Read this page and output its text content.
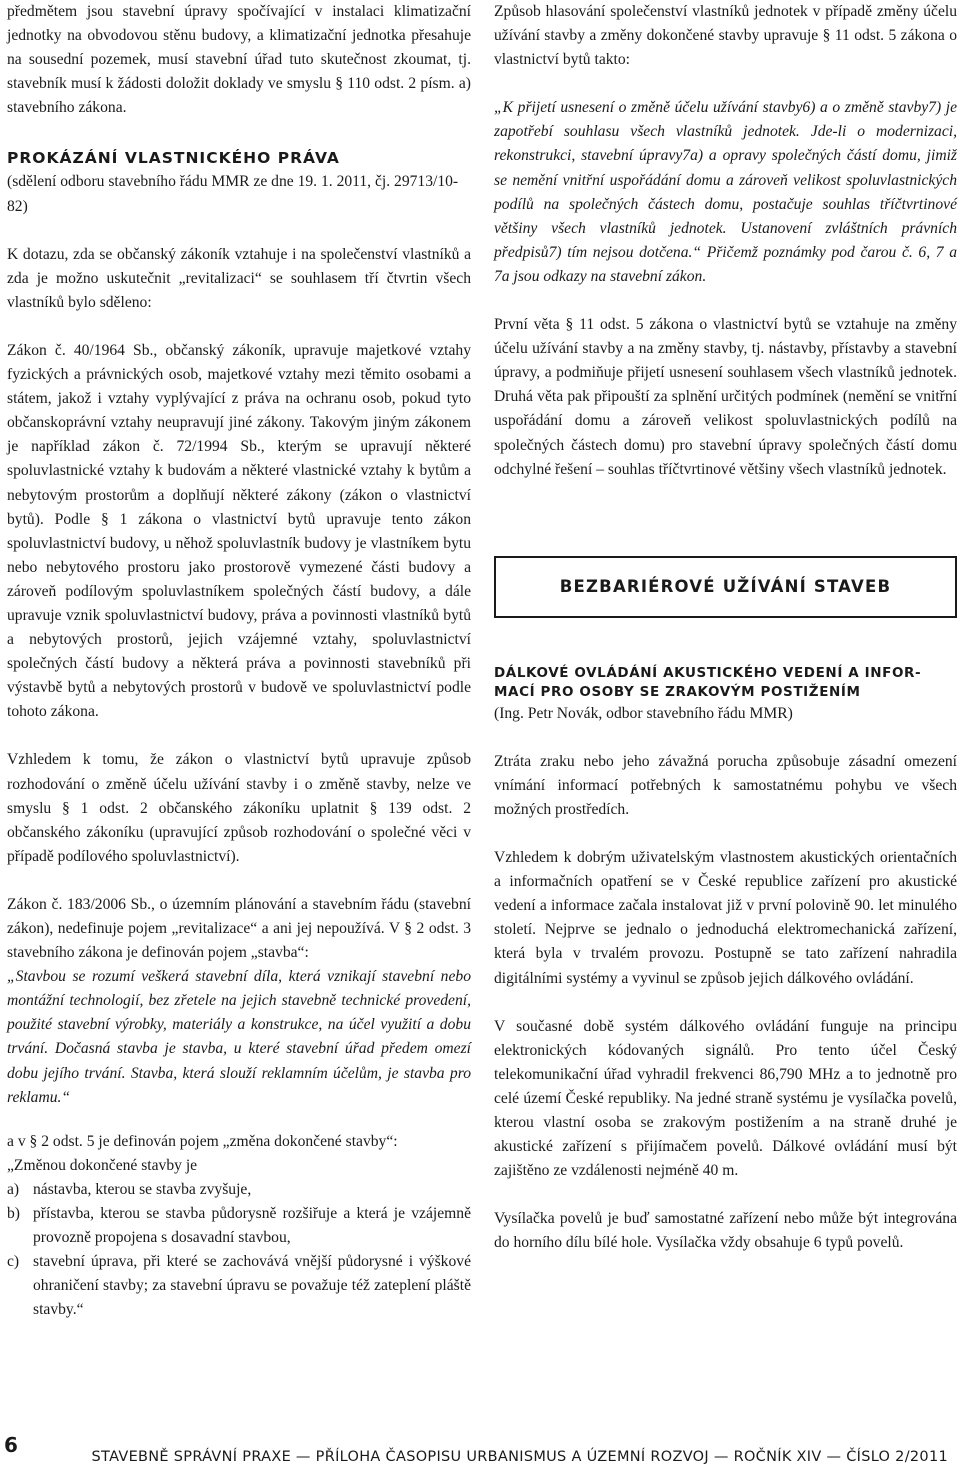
předmětem jsou stavební úpravy spočívající v instalaci klimatizační jednotky na obvodovou stěnu budovy, a klimatizační jednotka přesahuje na sousední pozemek, musí stavební úřad tuto skutečnost zkoumat, tj. stavebník musí k žádosti doložit doklady ve smyslu § 110 odst. 2 písm. a) stavebního zákona.

PROKÁZÁNÍ VLASTNICKÉHO PRÁVA

(sdělení odboru stavebního řádu MMR ze dne 19. 1. 2011, čj. 29713/10-82)

K dotazu, zda se občanský zákoník vztahuje i na společenství vlastníků a zda je možno uskutečnit „revitalizaci“ se souhlasem tří čtvrtin všech vlastníků bylo sděleno:

Zákon č. 40/1964 Sb., občanský zákoník, upravuje majetkové vztahy fyzických a právnických osob, majetkové vztahy mezi těmito osobami a státem, jakož i vztahy vyplývající z práva na ochranu osob, pokud tyto občanskoprávní vztahy neupravují jiné zákony. Takovým jiným zákonem je například zákon č. 72/1994 Sb., kterým se upravují některé spoluvlastnické vztahy k budovám a některé vlastnické vztahy k bytům a nebytovým prostorům a doplňují některé zákony (zákon o vlastnictví bytů). Podle § 1 zákona o vlastnictví bytů upravuje tento zákon spoluvlastnictví budovy, u něhož spoluvlastník budovy je vlastníkem bytu nebo nebytového prostoru jako prostorově vymezené části budovy a zároveň podílovým spoluvlastníkem společných částí budovy, a dále upravuje vznik spoluvlastnictví budovy, práva a povinnosti vlastníků bytů a nebytových prostorů, jejich vzájemné vztahy, spoluvlastnictví společných částí budovy a některá práva a povinnosti stavebníků při výstavbě bytů a nebytových prostorů v budově ve spoluvlastnictví podle tohoto zákona.

Vzhledem k tomu, že zákon o vlastnictví bytů upravuje způsob rozhodování o změně účelu užívání stavby i o změně stavby, nelze ve smyslu § 1 odst. 2 občanského zákoníku uplatnit § 139 odst. 2 občanského zákoníku (upravující způsob rozhodování o společné věci v případě podílového spoluvlastnictví).

Zákon č. 183/2006 Sb., o územním plánování a stavebním řádu (stavební zákon), nedefinuje pojem „revitalizace“ a ani jej nepoužívá. V § 2 odst. 3 stavebního zákona je definován pojem „stavba“:

„Stavbou se rozumí veškerá stavební díla, která vznikají stavební nebo montážní technologií, bez zřetele na jejich stavebně technické provedení, použité stavební výrobky, materiály a konstrukce, na účel využití a dobu trvání. Dočasná stavba je stavba, u které stavební úřad předem omezí dobu jejího trvání. Stavba, která slouží reklamním účelům, je stavba pro reklamu.“

a v § 2 odst. 5 je definován pojem „změna dokončené stavby“:

„Změnou dokončené stavby je

a) nástavba, kterou se stavba zvyšuje,
b) přístavba, kterou se stavba půdorysně rozšiřuje a která je vzájemně provozně propojena s dosavadní stavbou,
c) stavební úprava, při které se zachovává vnější půdorysné i výškové ohraničení stavby; za stavební úpravu se považuje též zateplení pláště stavby.“

Způsob hlasování společenství vlastníků jednotek v případě změny účelu užívání stavby a změny dokončené stavby upravuje § 11 odst. 5 zákona o vlastnictví bytů takto:

„K přijetí usnesení o změně účelu užívání stavby6) a o změně stavby7) je zapotřebí souhlasu všech vlastníků jednotek. Jde-li o modernizaci, rekonstrukci, stavební úpravy7a) a opravy společných částí domu, jimiž se nemění vnitřní uspořádání domu a zároveň velikost spoluvlastnických podílů na společných částech domu, postačuje souhlas tříčtvrtinové většiny všech vlastníků jednotek. Ustanovení zvláštních právních předpisů7) tím nejsou dotčena.“ Přičemž poznámky pod čarou č. 6, 7 a 7a jsou odkazy na stavební zákon.

První věta § 11 odst. 5 zákona o vlastnictví bytů se vztahuje na změny účelu užívání stavby a na změny stavby, tj. nástavby, přístavby a stavební úpravy, a podmiňuje přijetí usnesení souhlasem všech vlastníků jednotek. Druhá věta pak připouští za splnění určitých podmínek (nemění se vnitřní uspořádání domu a zároveň velikost spoluvlastnických podílů na společných částech domu) pro stavební úpravy společných částí domu odchylné řešení – souhlas tříčtvrtinové většiny všech vlastníků jednotek.

BEZBARIÉROVÉ UŽÍVÁNÍ STAVEB
DÁLKOVÉ OVLÁDÁNÍ AKUSTICKÉHO VEDENÍ A INFOR-
MACÍ PRO OSOBY SE ZRAKOVÝM POSTIŽENÍM

(Ing. Petr Novák, odbor stavebního řádu MMR)

Ztráta zraku nebo jeho závažná porucha způsobuje zásadní omezení vnímání informací potřebných k samostatnému pohybu ve všech možných prostředích.

Vzhledem k dobrým uživatelským vlastnostem akustických orientačních a informačních opatření se v České republice zařízení pro akustické vedení a informace začala instalovat již v první polovině 90. let minulého století. Nejprve se jednalo o jednoduchá elektromechanická zařízení, která byla v trvalém provozu. Postupně se tato zařízení nahradila digitálními systémy a vyvinul se způsob jejich dálkového ovládání.

V současné době systém dálkového ovládání funguje na principu elektronických kódovaných signálů. Pro tento účel Český telekomunikační úřad vyhradil frekvenci 86,790 MHz a to jednotně pro celé území České republiky. Na jedné straně systému je vysílačka povelů, kterou vlastní osoba se zrakovým postižením a na straně druhé je akustické zařízení s přijímačem povelů. Dálkové ovládání musí být zajištěno ze vzdálenosti nejméně 40 m.

Vysílačka povelů je buď samostatné zařízení nebo může být integrována do horního dílu bílé hole. Vysílačka vždy obsahuje 6 typů povelů.

6	STAVEBNĚ SPRÁVNÍ PRAXE — PŘÍLOHA ČASOPISU URBANISMUS A ÚZEMNÍ ROZVOJ — ROČNÍK XIV — ČÍSLO 2/2011
